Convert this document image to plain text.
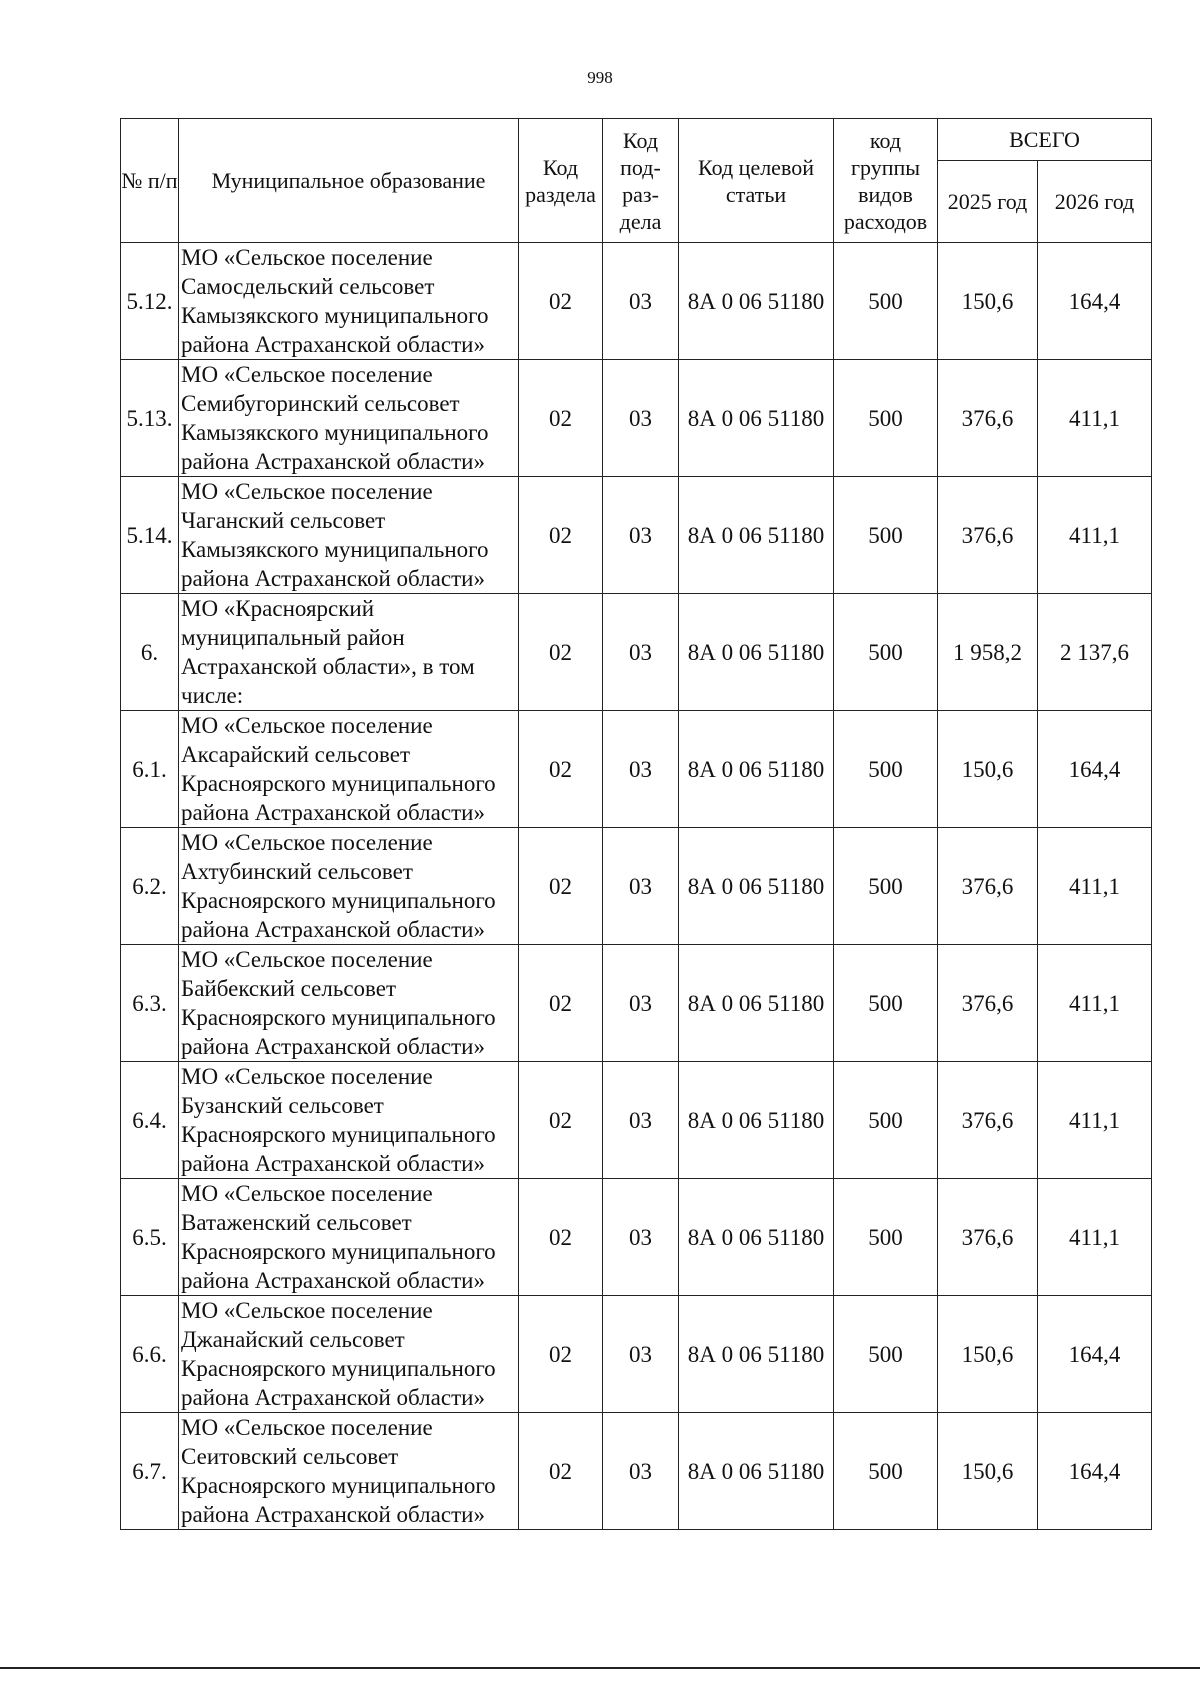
998
№ п/п	Муниципальное образование	Код раздела	Код под-раз-дела	Код целевой статьи	код группы видов расходов	ВСЕГО	
						2025 год	2026 год
5.12.	МО «Сельское поселение Самосдельский сельсовет Камызякского муниципального района Астраханской области»	02	03	8А 0 06 51180	500	150,6	164,4
5.13.	МО «Сельское поселение Семибугоринский сельсовет Камызякского муниципального района Астраханской области»	02	03	8А 0 06 51180	500	376,6	411,1
5.14.	МО «Сельское поселение Чаганский сельсовет Камызякского муниципального района Астраханской области»	02	03	8А 0 06 51180	500	376,6	411,1
6.	МО «Красноярский муниципальный район Астраханской области», в том числе:	02	03	8А 0 06 51180	500	1 958,2	2 137,6
6.1.	МО «Сельское поселение Аксарайский сельсовет Красноярского муниципального района Астраханской области»	02	03	8А 0 06 51180	500	150,6	164,4
6.2.	МО «Сельское поселение Ахтубинский сельсовет Красноярского муниципального района Астраханской области»	02	03	8А 0 06 51180	500	376,6	411,1
6.3.	МО «Сельское поселение Байбекский сельсовет Красноярского муниципального района Астраханской области»	02	03	8А 0 06 51180	500	376,6	411,1
6.4.	МО «Сельское поселение Бузанский сельсовет Красноярского муниципального района Астраханской области»	02	03	8А 0 06 51180	500	376,6	411,1
6.5.	МО «Сельское поселение Ватаженский сельсовет Красноярского муниципального района Астраханской области»	02	03	8А 0 06 51180	500	376,6	411,1
6.6.	МО «Сельское поселение Джанайский сельсовет Красноярского муниципального района Астраханской области»	02	03	8А 0 06 51180	500	150,6	164,4
6.7.	МО «Сельское поселение Сеитовский сельсовет Красноярского муниципального района Астраханской области»	02	03	8А 0 06 51180	500	150,6	164,4
